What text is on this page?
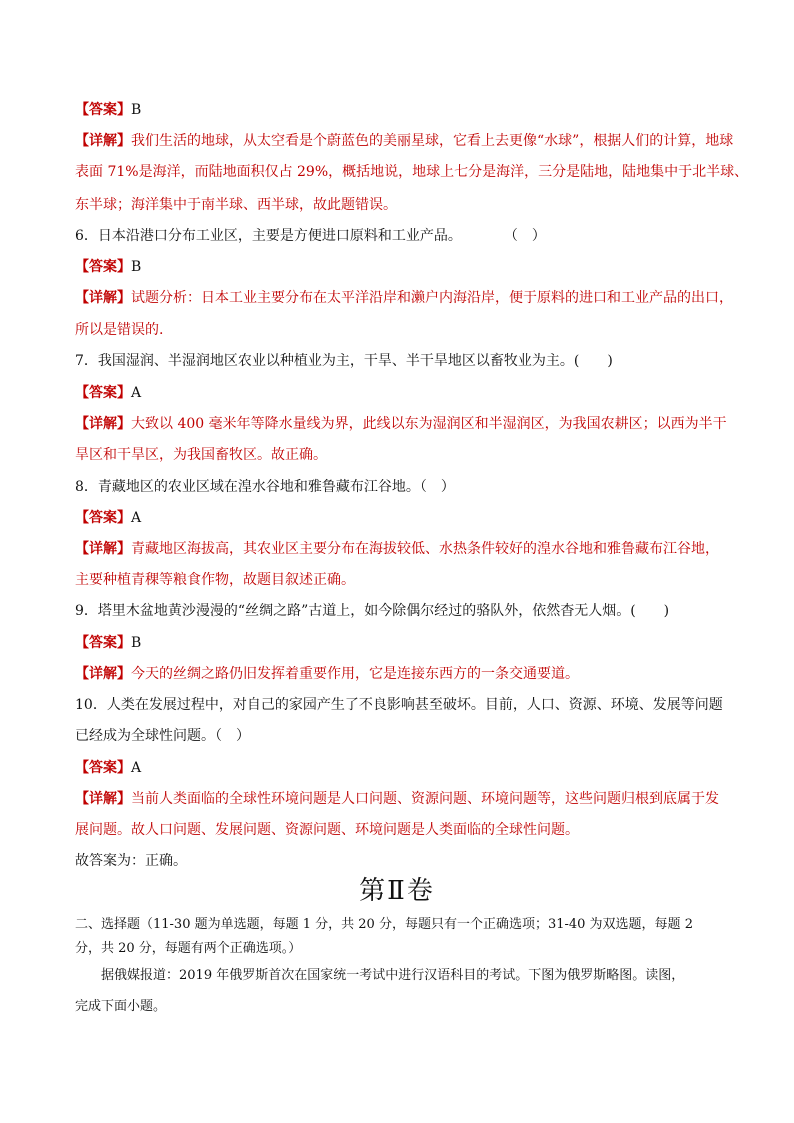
【答案】B
【详解】我们生活的地球，从太空看是个蔚蓝色的美丽星球，它看上去更像“水球”，根据人们的计算，地球
表面 71%是海洋，而陆地面积仅占 29%，概括地说，地球上七分是海洋，三分是陆地，陆地集中于北半球、
东半球；海洋集中于南半球、西半球，故此题错误。
6．日本沿港口分布工业区，主要是方便进口原料和工业产品。　　　　（　）
【答案】B
【详解】试题分析：日本工业主要分布在太平洋沿岸和濑户内海沿岸，便于原料的进口和工业产品的出口，
所以是错误的.
7．我国湿润、半湿润地区农业以种植业为主，干旱、半干旱地区以畜牧业为主。(　　)
【答案】A
【详解】大致以 400 毫米年等降水量线为界，此线以东为湿润区和半湿润区，为我国农耕区；以西为半干
旱区和干旱区，为我国畜牧区。故正确。
8．青藏地区的农业区域在湟水谷地和雅鲁藏布江谷地。（　）
【答案】A
【详解】青藏地区海拔高，其农业区主要分布在海拔较低、水热条件较好的湟水谷地和雅鲁藏布江谷地，
主要种植青稞等粮食作物，故题目叙述正确。
9．塔里木盆地黄沙漫漫的“丝绸之路”古道上，如今除偶尔经过的骆队外，依然杳无人烟。(　　)
【答案】B
【详解】今天的丝绸之路仍旧发挥着重要作用，它是连接东西方的一条交通要道。
10．人类在发展过程中，对自己的家园产生了不良影响甚至破坏。目前，人口、资源、环境、发展等问题
已经成为全球性问题。（　）
【答案】A
【详解】当前人类面临的全球性环境问题是人口问题、资源问题、环境问题等，这些问题归根到底属于发
展问题。故人口问题、发展问题、资源问题、环境问题是人类面临的全球性问题。
故答案为：正确。
第Ⅱ卷
二、选择题（11-30 题为单选题，每题 1 分，共 20 分，每题只有一个正确选项；31-40 为双选题，每题 2
分，共 20 分，每题有两个正确选项。）
　　据俄媒报道：2019 年俄罗斯首次在国家统一考试中进行汉语科目的考试。下图为俄罗斯略图。读图，
完成下面小题。
